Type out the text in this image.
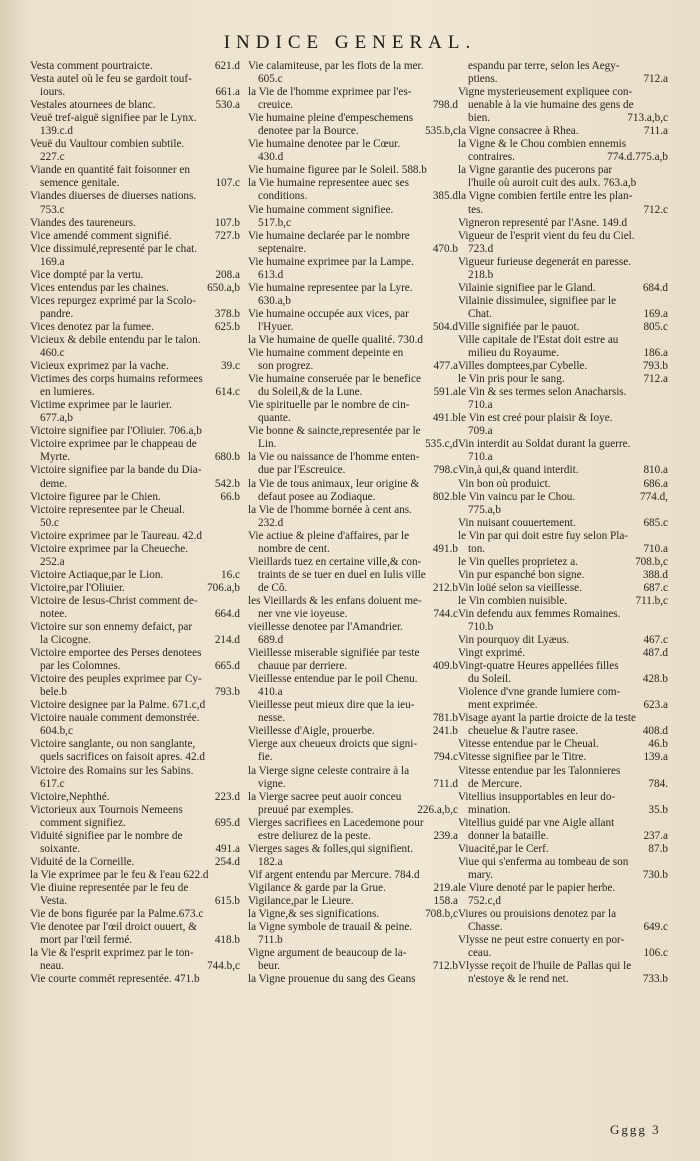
INDICE GENERAL.
Vesta comment pourtraicte.	621.d
Vesta autel où le feu se gardoit touf-
iours.	661.a
Vestales atournees de blanc.	530.a
Veuë tref-aiguë signifiee par le Lynx.
139.c.d
Veuë du Vaultour combien subtile.
227.c
Viande en quantité fait foisonner en
semence genitale.	107.c
Viandes diuerses de diuerses nations.
753.c
Viandes des taureneurs.	107.b
Vice amendé comment signifié.	727.b
Vice dissimulé,representé par le chat.
169.a
Vice dompté par la vertu.	208.a
Vices entendus par les chaines.	650.a,b
Vices repurgez exprimé par la Scolo-
pandre.	378.b
Vices denotez par la fumee.	625.b
Vicieux & debile entendu par le talon.
460.c
Vicieux exprimez par la vache.	39.c
Victimes des corps humains reformees
en lumieres.	614.c
Victime exprimee par le laurier.
677.a,b
Victoire signifiee par l'Oliuier. 706.a,b
Victoire exprimee par le chappeau de
Myrte.	680.b
Victoire signifiee par la bande du Dia-
deme.	542.b
Victoire figuree par le Chien.	66.b
Victoire representee par le Cheual.
50.c
Victoire exprimee par le Taureau. 42.d
Victoire exprimee par la Cheueche.
252.a
Victoire Actiaque,par le Lion.	16.c
Victoire,par l'Oliuier.	706.a,b
Victoire de Iesus-Christ comment de-
notee.	664.d
Victoire sur son ennemy defaict, par
la Cicogne.	214.d
Victoire emportee des Perses denotees
par les Colomnes.	665.d
Victoire des peuples exprimee par Cy-
bele.b	793.b
Victoire designee par la Palme. 671.c,d
Victoire nauale comment demonstrée.
604.b,c
Victoire sanglante, ou non sanglante,
quels sacrifices on faisoit apres. 42.d
Victoire des Romains sur les Sabins.
617.c
Victoire,Nephthé.	223.d
Victorieux aux Tournois Nemeens
comment signifiez.	695.d
Viduité signifiee par le nombre de
soixante.	491.a
Viduité de la Corneille.	254.d
la Vie exprimee par le feu & l'eau 622.d
Vie diuine representée par le feu de
Vesta.	615.b
Vie de bons figurée par la Palme.673.c
Vie denotee par l'œil droict ouuert, &
mort par l'œil fermé.	418.b
la Vie & l'esprit exprimez par le ton-
neau.	744.b,c
Vie courte commét representée. 471.b
Vie calamiteuse, par les flots de la mer.
605.c
la Vie de l'homme exprimee par l'es-
creuice.	798.d
Vie humaine pleine d'empeschemens
denotee par la Bource.	535.b,c
Vie humaine denotee par le Cœur.
430.d
Vie humaine figuree par le Soleil. 588.b
la Vie humaine representee auec ses
conditions.	385.d
Vie humaine comment signifiee.
517.b,c
Vie humaine declarée par le nombre
septenaire.	470.b
Vie humaine exprimee par la Lampe.
613.d
Vie humaine representee par la Lyre.
630.a,b
Vie humaine occupée aux vices, par
l'Hyuer.	504.d
la Vie humaine de quelle qualité. 730.d
Vie humaine comment depeinte en
son progrez.	477.a
Vie humaine conseruée par le benefice
du Soleil,& de la Lune.	591.a
Vie spirituelle par le nombre de cin-
quante.	491.b
Vie bonne & saincte,representée par le
Lin.	535.c,d
la Vie ou naissance de l'homme enten-
due par l'Escreuice.	798.c
la Vie de tous animaux, leur origine &
defaut posee au Zodiaque.	802.b
la Vie de l'homme bornée à cent ans.
232.d
Vie actiue & pleine d'affaires, par le
nombre de cent.	491.b
Vieillards tuez en certaine ville,& con-
traints de se tuer en duel en Iulis ville
de Cô.	212.b
les Vieillards & les enfans doiuent me-
ner vne vie ioyeuse.	744.c
vieillesse denotee par l'Amandrier.
689.d
Vieillesse miserable signifiée par teste
chauue par derriere.	409.b
Vieillesse entendue par le poil Chenu.
410.a
Vieillesse peut mieux dire que la ieu-
nesse.	781.b
Vieillesse d'Aigle, prouerbe.	241.b
Vierge aux cheueux droicts que signi-
fie.	794.c
la Vierge signe celeste contraire à la
vigne.	711.d
la Vierge sacree peut auoir conceu
preuué par exemples.	226.a,b,c
Vierges sacrifiees en Lacedemone pour
estre deliurez de la peste.	239.a
Vierges sages & folles,qui signifient.
182.a
Vif argent entendu par Mercure. 784.d
Vigilance & garde par la Grue.	219.a
Vigilance,par le Lieure.	158.a
la Vigne,& ses significations.	708.b,c
la Vigne symbole de trauail & peine.
711.b
Vigne argument de beaucoup de la-
beur.	712.b
la Vigne prouenue du sang des Geans
espandu par terre, selon les Aegy-
ptiens.	712.a
Vigne mysterieusement expliquee con-
uenable à la vie humaine des gens de
bien.	713.a,b,c
la Vigne consacree à Rhea.	711.a
la Vigne & le Chou combien ennemis
contraires.	774.d.775.a,b
la Vigne garantie des pucerons par
l'huile où auroit cuit des aulx. 763.a,b
la Vigne combien fertile entre les plan-
tes.	712.c
Vigneron representé par l'Asne. 149.d
Vigueur de l'esprit vient du feu du Ciel.
723.d
Vigueur furieuse degenerát en paresse.
218.b
Vilainie signifiee par le Gland.	684.d
Vilainie dissimulee, signifiee par le
Chat.	169.a
Ville signifiée par le pauot.	805.c
Ville capitale de l'Estat doit estre au
milieu du Royaume.	186.a
Villes domptees,par Cybelle.	793.b
le Vin pris pour le sang.	712.a
le Vin & ses termes selon Anacharsis.
710.a
le Vin est creé pour plaisir & Ioye.
709.a
Vin interdit au Soldat durant la guerre.
710.a
Vin,à qui,& quand interdit.	810.a
Vin bon où produict.	686.a
le Vin vaincu par le Chou.	774.d,
775.a,b
Vin nuisant couuertement.	685.c
le Vin par qui doit estre fuy selon Pla-
ton.	710.a
le Vin quelles proprietez a.	708.b,c
Vin pur espanché bon signe.	388.d
Vin loüé selon sa vieillesse.	687.c
le Vin combien nuisible.	711.b,c
Vin defendu aux femmes Romaines.
710.b
Vin pourquoy dit Lyæus.	467.c
Vingt exprimé.	487.d
Vingt-quatre Heures appellées filles
du Soleil.	428.b
Violence d'vne grande lumiere com-
ment exprimée.	623.a
Visage ayant la partie droicte de la teste
cheuelue & l'autre rasee.	408.d
Vitesse entendue par le Cheual.	46.b
Vitesse signifiee par le Titre.	139.a
Vitesse entendue par les Talonnieres
de Mercure.	784.
Vitellius insupportables en leur do-
mination.	35.b
Vitellius guidé par vne Aigle allant
donner la bataille.	237.a
Viuacité,par le Cerf.	87.b
Viue qui s'enferma au tombeau de son
mary.	730.b
le Viure denoté par le papier herbe.
752.c,d
Viures ou prouisions denotez par la
Chasse.	649.c
Vlysse ne peut estre conuerty en por-
ceau.	106.c
Vlysse reçoit de l'huile de Pallas qui le
n'estoye & le rend net.	733.b
Gggg 3
